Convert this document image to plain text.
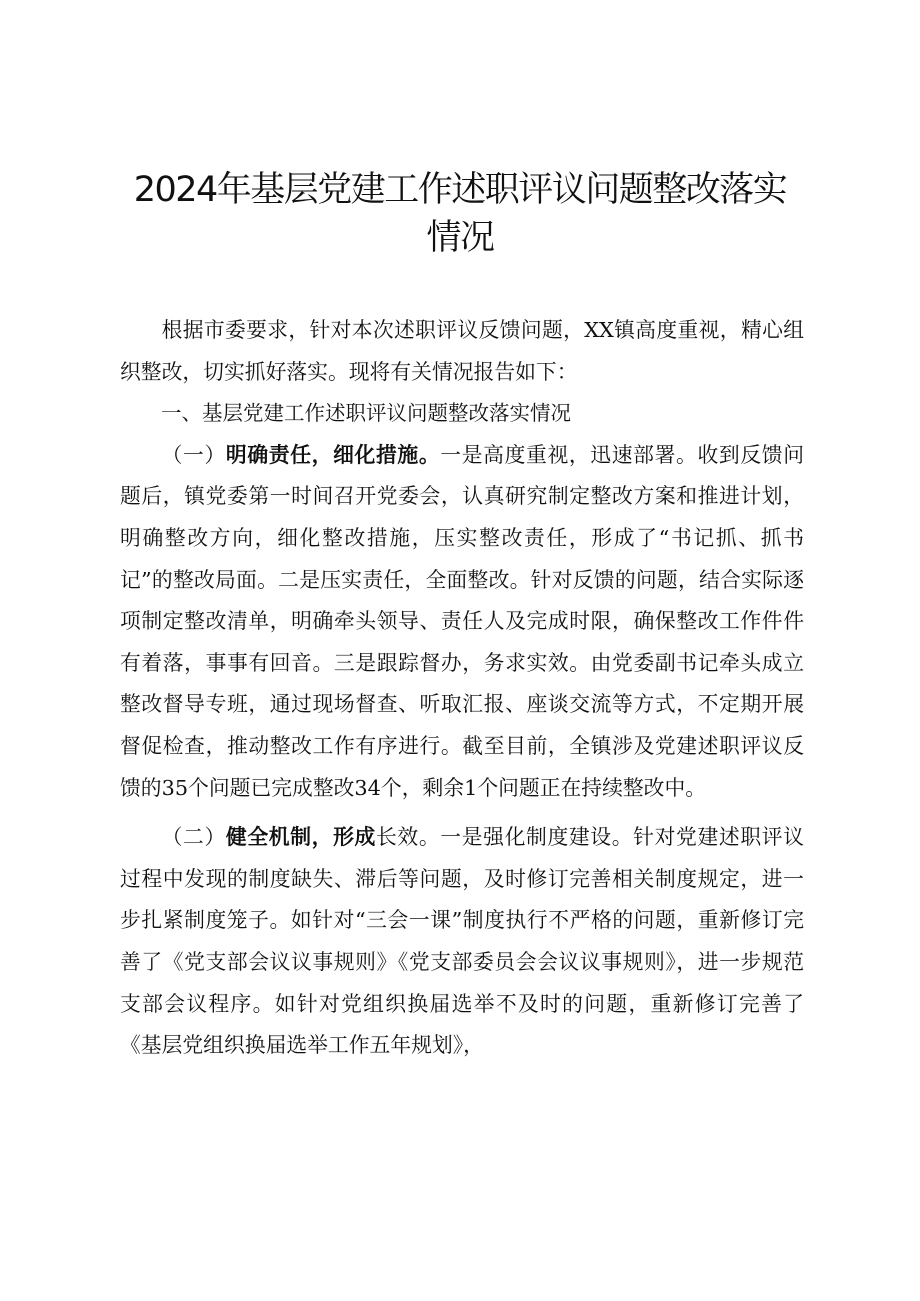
2024年基层党建工作述职评议问题整改落实情况

根据市委要求，针对本次述职评议反馈问题，XX镇高度重视，精心组织整改，切实抓好落实。现将有关情况报告如下：

一、基层党建工作述职评议问题整改落实情况

（一）明确责任，细化措施。一是高度重视，迅速部署。收到反馈问题后，镇党委第一时间召开党委会，认真研究制定整改方案和推进计划，明确整改方向，细化整改措施，压实整改责任，形成了“书记抓、抓书记”的整改局面。二是压实责任，全面整改。针对反馈的问题，结合实际逐项制定整改清单，明确牵头领导、责任人及完成时限，确保整改工作件件有着落，事事有回音。三是跟踪督办，务求实效。由党委副书记牵头成立整改督导专班，通过现场督查、听取汇报、座谈交流等方式，不定期开展督促检查，推动整改工作有序进行。截至目前，全镇涉及党建述职评议反馈的35个问题已完成整改34个，剩余1个问题正在持续整改中。

（二）健全机制，形成长效。一是强化制度建设。针对党建述职评议过程中发现的制度缺失、滞后等问题，及时修订完善相关制度规定，进一步扎紧制度笼子。如针对“三会一课”制度执行不严格的问题，重新修订完善了《党支部会议议事规则》《党支部委员会会议议事规则》，进一步规范支部会议程序。如针对党组织换届选举不及时的问题，重新修订完善了《基层党组织换届选举工作五年规划》，
